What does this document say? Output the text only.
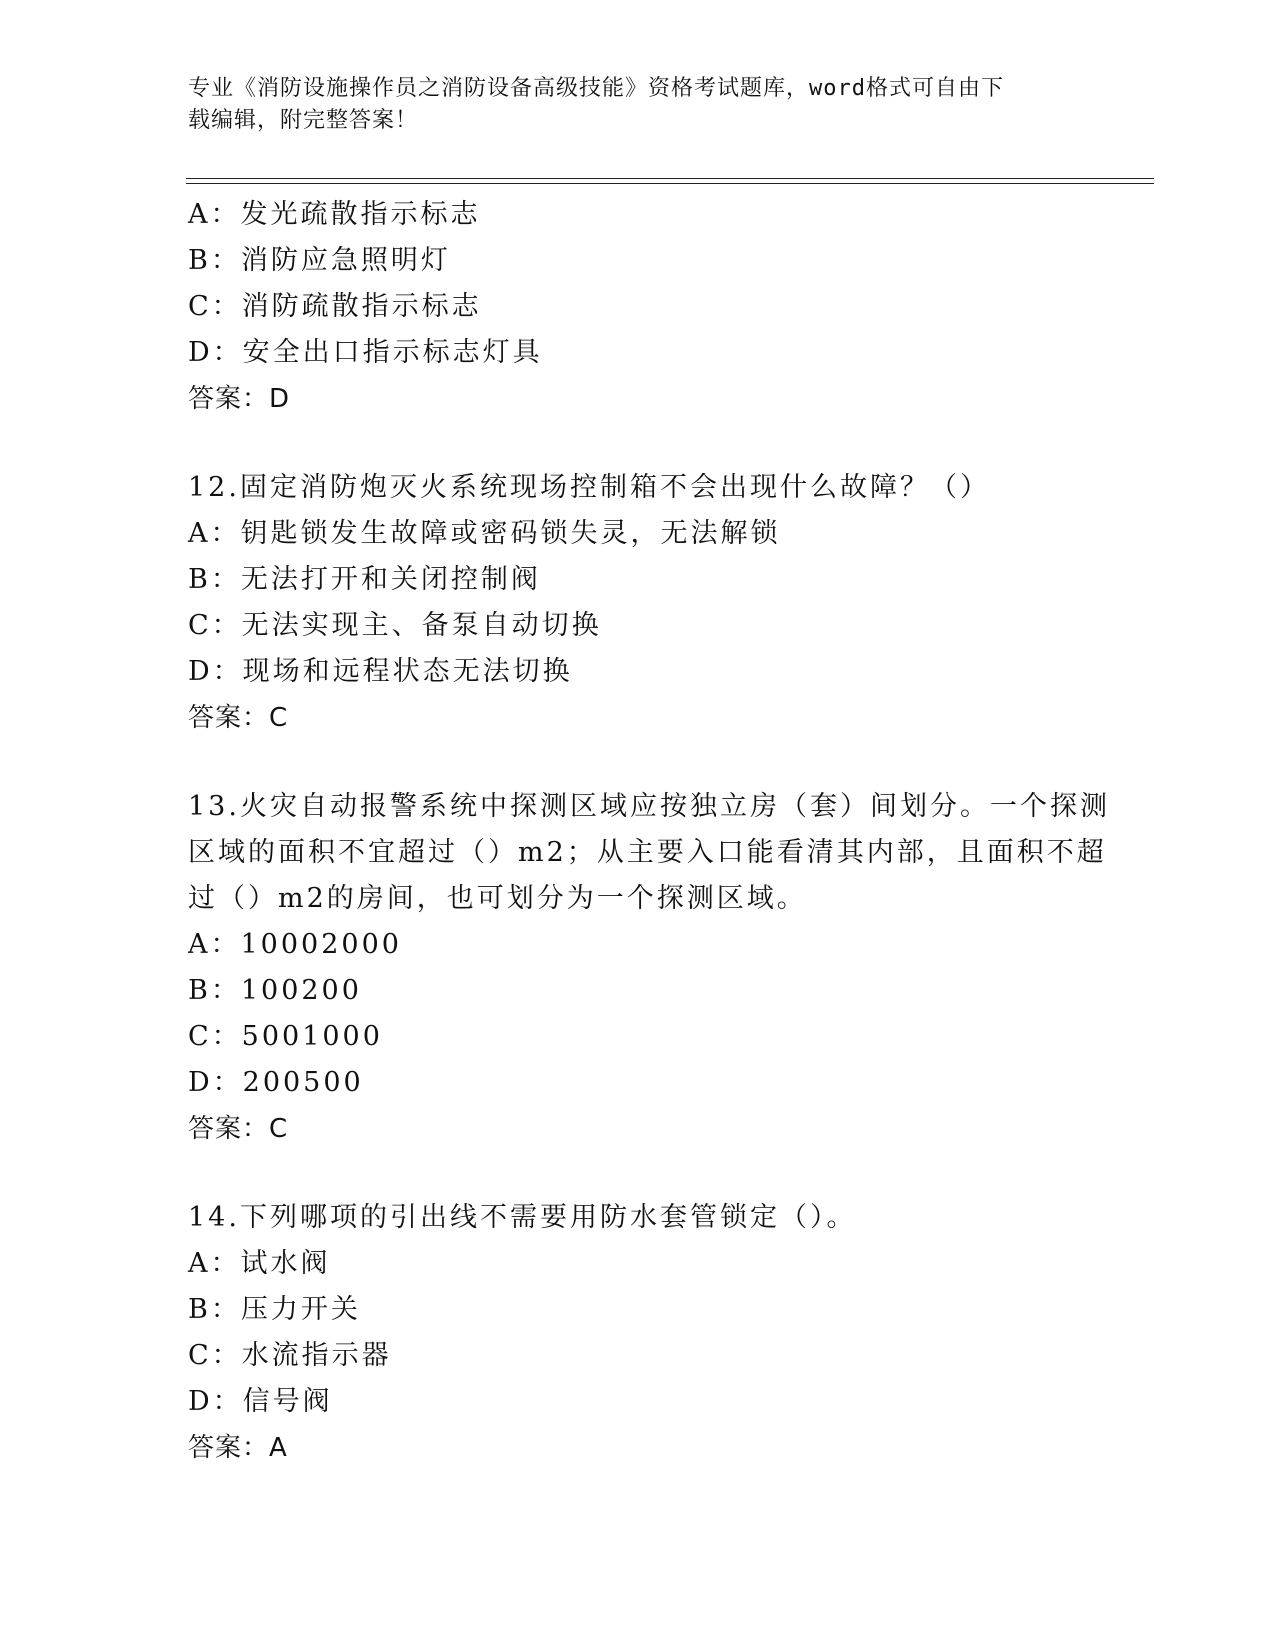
专业《消防设施操作员之消防设备高级技能》资格考试题库，word格式可自由下
载编辑，附完整答案！
A：发光疏散指示标志
B：消防应急照明灯
C：消防疏散指示标志
D：安全出口指示标志灯具
答案：D
12.固定消防炮灭火系统现场控制箱不会出现什么故障？（）
A：钥匙锁发生故障或密码锁失灵，无法解锁
B：无法打开和关闭控制阀
C：无法实现主、备泵自动切换
D：现场和远程状态无法切换
答案：C
13.火灾自动报警系统中探测区域应按独立房（套）间划分。一个探测
区域的面积不宜超过（）m2；从主要入口能看清其内部，且面积不超
过（）m2的房间，也可划分为一个探测区域。
A：10002000
B：100200
C：5001000
D：200500
答案：C
14.下列哪项的引出线不需要用防水套管锁定（）。
A：试水阀
B：压力开关
C：水流指示器
D：信号阀
答案：A
